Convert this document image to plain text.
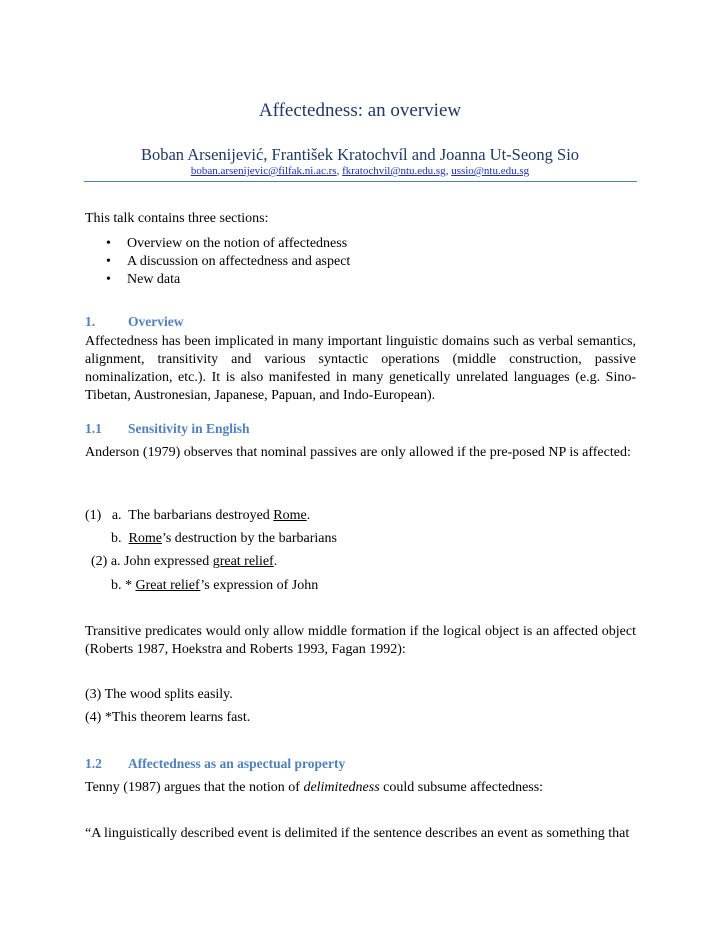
Affectedness: an overview
Boban Arsenijević, František Kratochvíl and Joanna Ut-Seong Sio
boban.arsenijevic@filfak.ni.ac.rs, fkratochvil@ntu.edu.sg, ussio@ntu.edu.sg
This talk contains three sections:
• Overview on the notion of affectedness
• A discussion on affectedness and aspect
• New data
1. Overview
Affectedness has been implicated in many important linguistic domains such as verbal semantics, alignment, transitivity and various syntactic operations (middle construction, passive nominalization, etc.). It is also manifested in many genetically unrelated languages (e.g. Sino-Tibetan, Austronesian, Japanese, Papuan, and Indo-European).
1.1 Sensitivity in English
Anderson (1979) observes that nominal passives are only allowed if the pre-posed NP is affected:
(1)   a.  The barbarians destroyed Rome.
b.  Rome’s destruction by the barbarians
(2) a. John expressed great relief.
b. * Great relief’s expression of John
Transitive predicates would only allow middle formation if the logical object is an affected object (Roberts 1987, Hoekstra and Roberts 1993, Fagan 1992):
(3) The wood splits easily.
(4) *This theorem learns fast.
1.2 Affectedness as an aspectual property
Tenny (1987) argues that the notion of delimitedness could subsume affectedness:
“A linguistically described event is delimited if the sentence describes an event as something that
